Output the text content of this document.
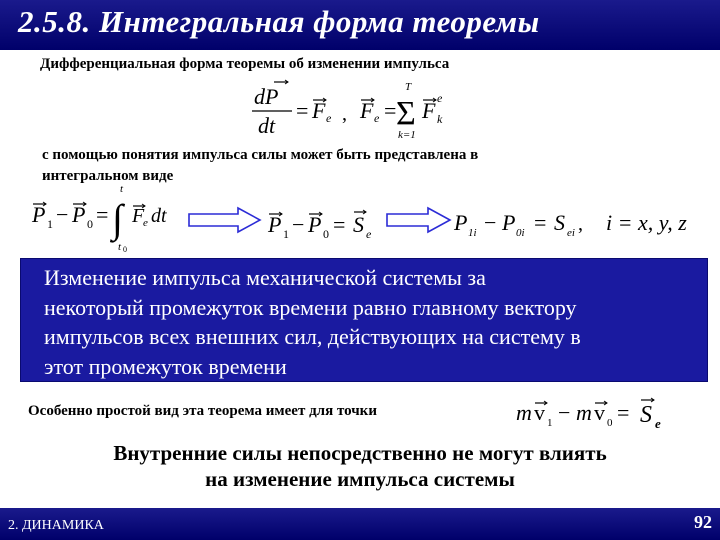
2.5.8. Интегральная форма теоремы
Дифференциальная форма теоремы об изменении импульса
dP
dt
= F e , F e =
T
Σ
k=1
F e
k
с помощью понятия импульса силы может быть представлена в
интегральном виде
P 1 − P 0 =
t
∫
t 0
F
e dt	P 1 − P 0 = S e	P 1i − P 0i = S ei , i = x, y, z
Изменение импульса механической системы за
некоторый промежуток времени равно главному вектору
импульсов всех внешних сил, действующих на систему в
этот промежуток времени
Особенно простой вид эта теорема имеет для точки	m v 1 − m v 0 = S e
Внутренние силы непосредственно не могут влиять
на изменение импульса системы
2. ДИНАМИКА	92
